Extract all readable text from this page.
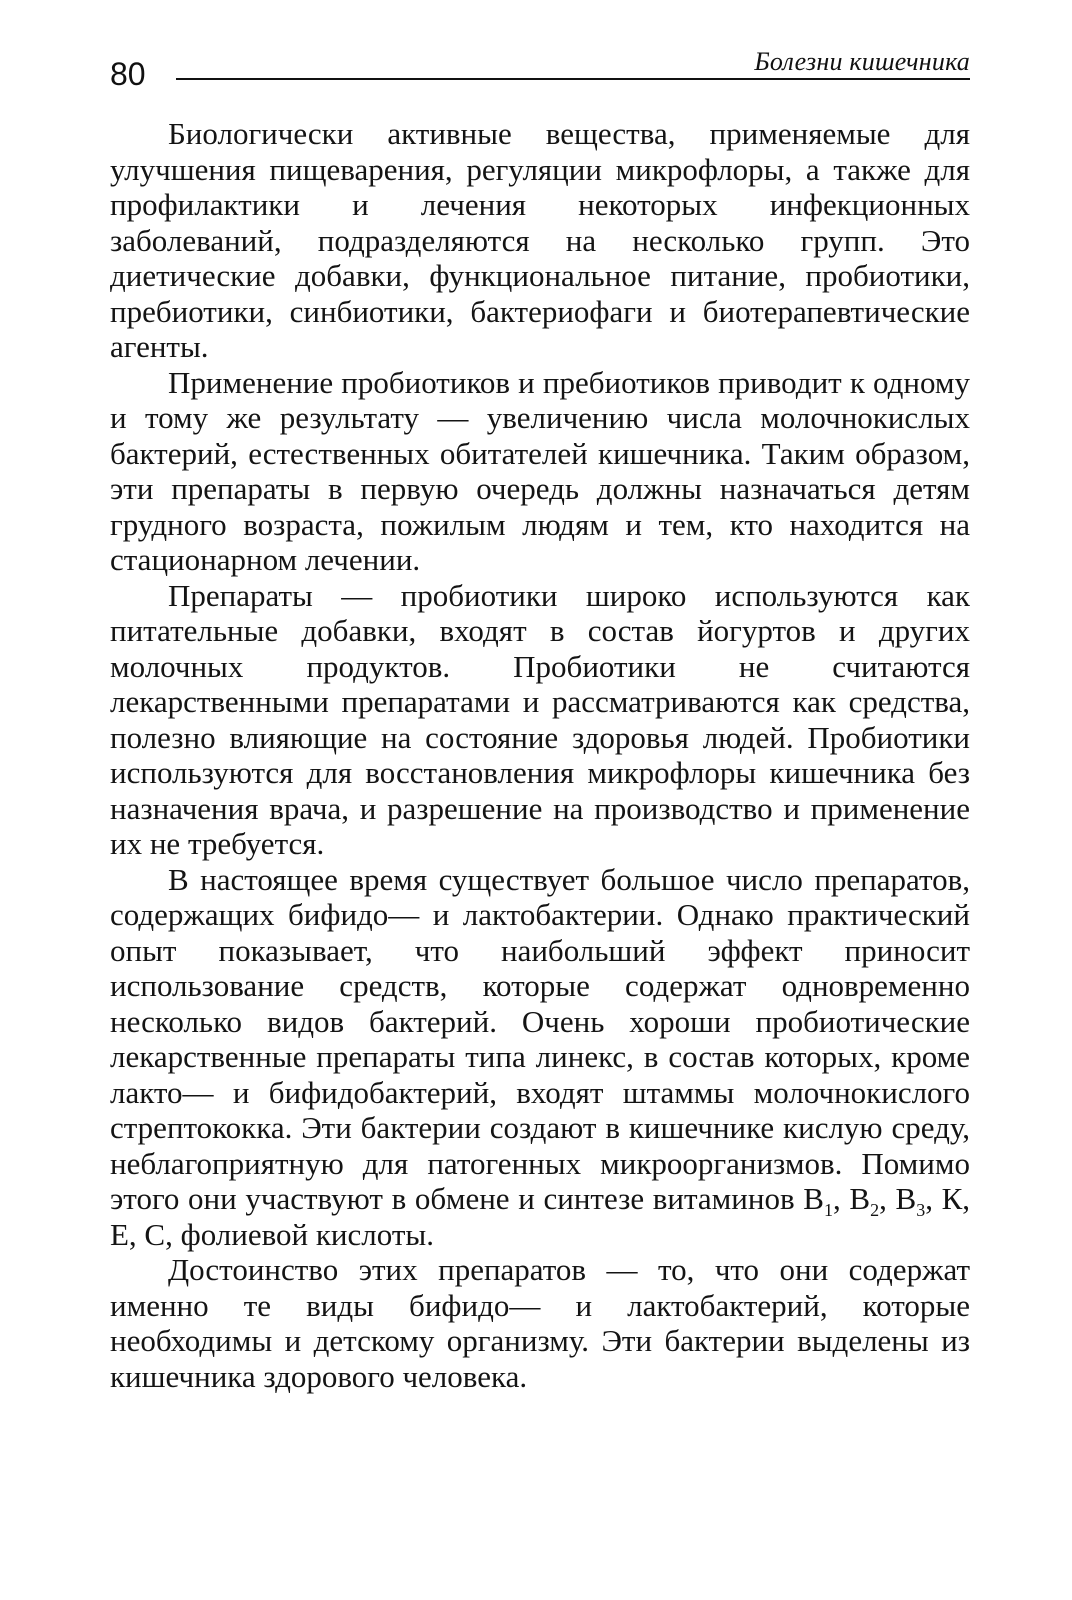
80	Болезни кишечника

Биологически активные вещества, применяемые для улучшения пищеварения, регуляции микрофлоры, а также для профилактики и лечения некоторых инфекционных заболеваний, подразделяются на несколько групп. Это диетические добавки, функциональное питание, пробиотики, пребиотики, синбиотики, бактериофаги и биотерапевтические агенты.

Применение пробиотиков и пребиотиков приводит к одному и тому же результату — увеличению числа молочнокислых бактерий, естественных обитателей кишечника. Таким образом, эти препараты в первую очередь должны назначаться детям грудного возраста, пожилым людям и тем, кто находится на стационарном лечении.

Препараты — пробиотики широко используются как питательные добавки, входят в состав йогуртов и других молочных продуктов. Пробиотики не считаются лекарственными препаратами и рассматриваются как средства, полезно влияющие на состояние здоровья людей. Пробиотики используются для восстановления микрофлоры кишечника без назначения врача, и разрешение на производство и применение их не требуется.

В настоящее время существует большое число препаратов, содержащих бифидо— и лактобактерии. Однако практический опыт показывает, что наибольший эффект приносит использование средств, которые содержат одновременно несколько видов бактерий. Очень хороши пробиотические лекарственные препараты типа линекс, в состав которых, кроме лакто— и бифидобактерий, входят штаммы молочнокислого стрептококка. Эти бактерии создают в кишечнике кислую среду, неблагоприятную для патогенных микроорганизмов. Помимо этого они участвуют в обмене и синтезе витаминов $В_1$, $В_2$, $В_3$, К, Е, С, фолиевой кислоты.

Достоинство этих препаратов — то, что они содержат именно те виды бифидо— и лактобактерий, которые необходимы и детскому организму. Эти бактерии выделены из кишечника здорового человека.
